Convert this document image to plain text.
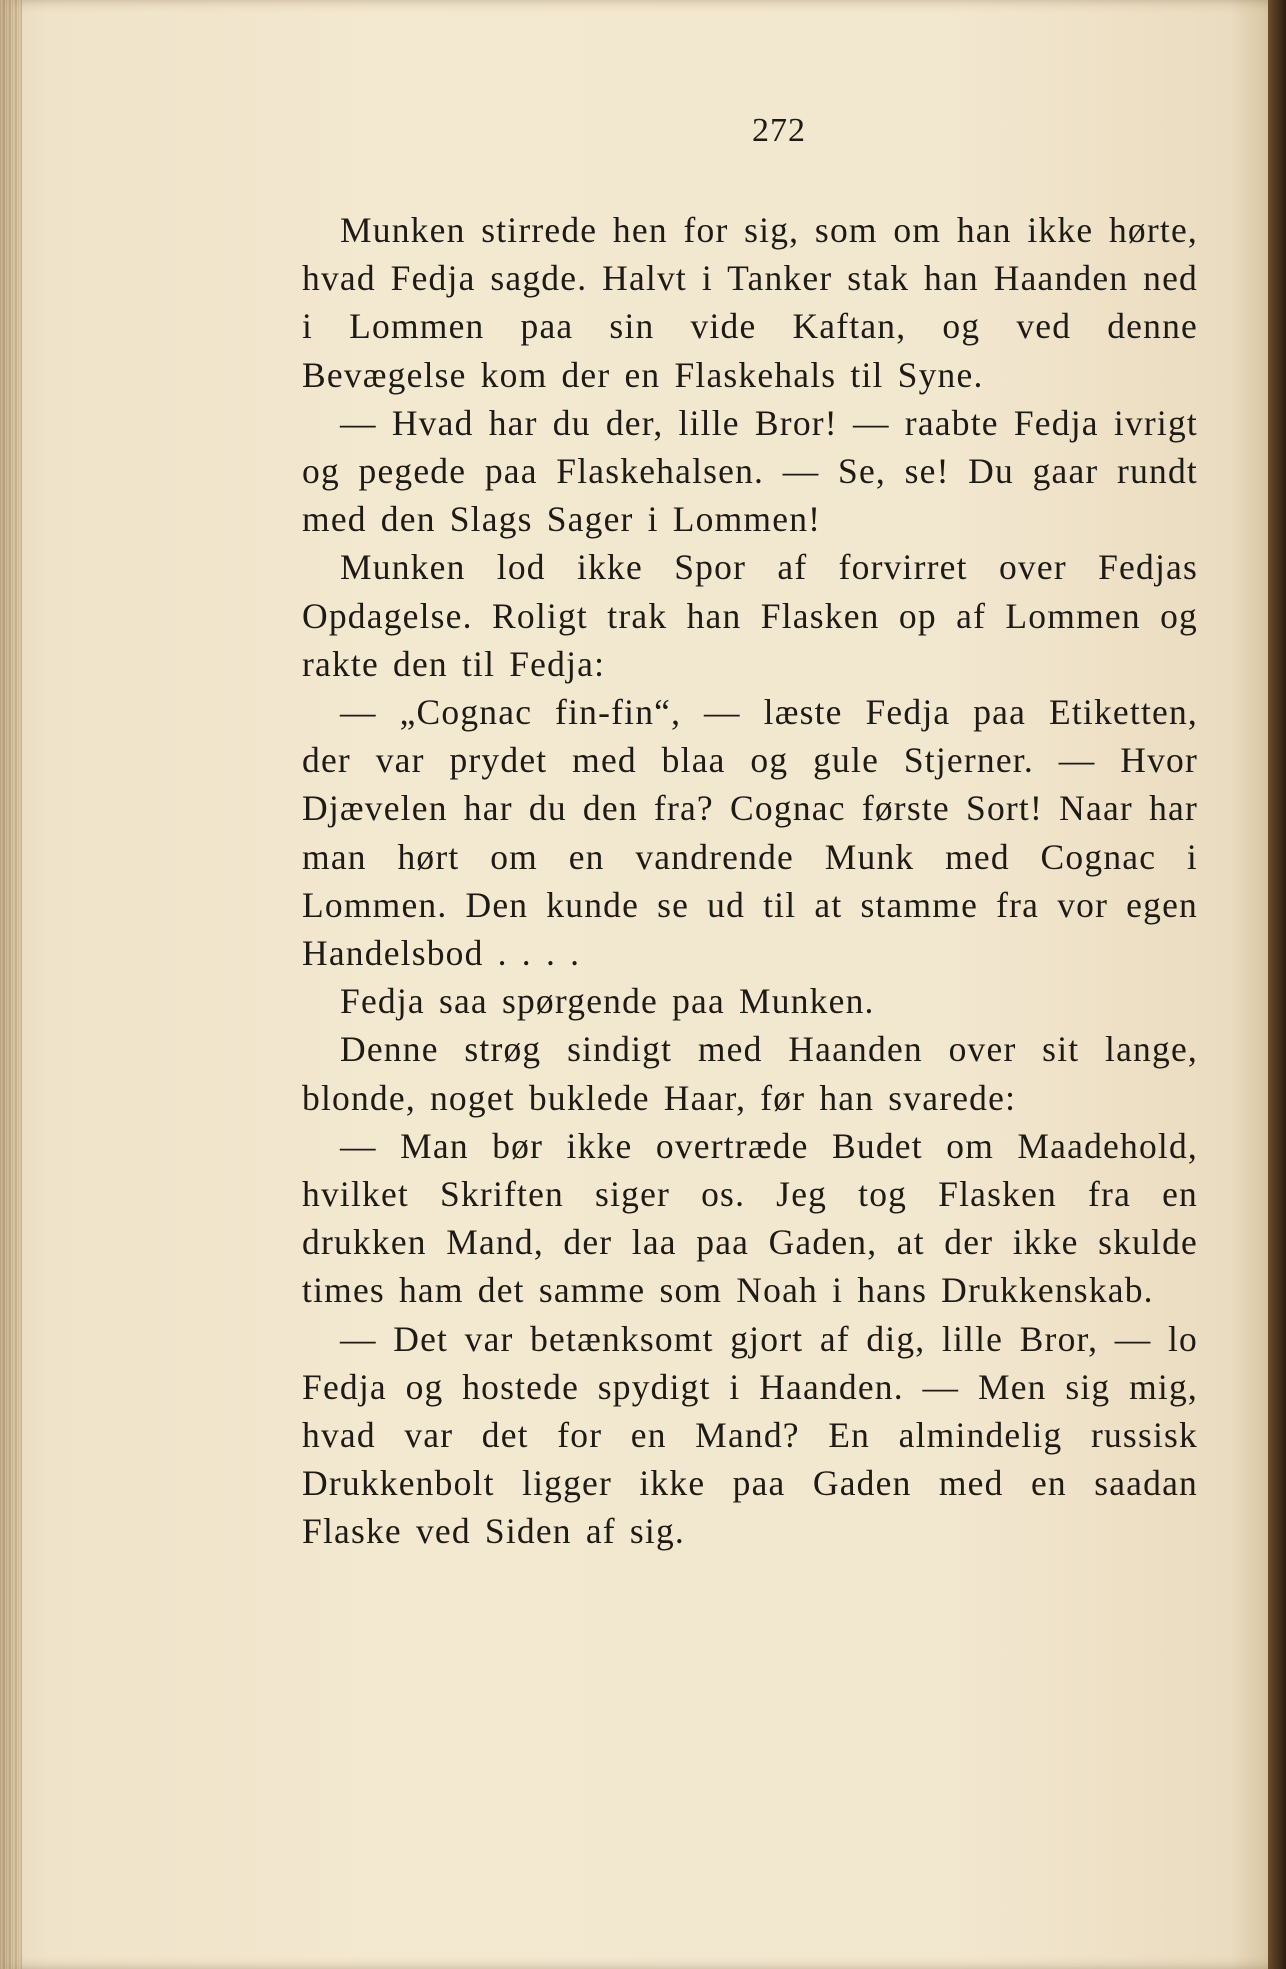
272

Munken stirrede hen for sig, som om han ikke hørte, hvad Fedja sagde. Halvt i Tanker stak han Haanden ned i Lommen paa sin vide Kaftan, og ved denne Bevægelse kom der en Flaskehals til Syne.

— Hvad har du der, lille Bror! — raabte Fedja ivrigt og pegede paa Flaskehalsen. — Se, se! Du gaar rundt med den Slags Sager i Lommen!

Munken lod ikke Spor af forvirret over Fedjas Opdagelse. Roligt trak han Flasken op af Lommen og rakte den til Fedja:

— „Cognac fin-fin“, — læste Fedja paa Etiketten, der var prydet med blaa og gule Stjerner. — Hvor Djævelen har du den fra? Cognac første Sort! Naar har man hørt om en vandrende Munk med Cognac i Lommen. Den kunde se ud til at stamme fra vor egen Handelsbod . . . .

Fedja saa spørgende paa Munken.

Denne strøg sindigt med Haanden over sit lange, blonde, noget buklede Haar, før han svarede:

— Man bør ikke overtræde Budet om Maadehold, hvilket Skriften siger os. Jeg tog Flasken fra en drukken Mand, der laa paa Gaden, at der ikke skulde times ham det samme som Noah i hans Drukkenskab.

— Det var betænksomt gjort af dig, lille Bror, — lo Fedja og hostede spydigt i Haanden. — Men sig mig, hvad var det for en Mand? En almindelig russisk Drukkenbolt ligger ikke paa Gaden med en saadan Flaske ved Siden af sig.
